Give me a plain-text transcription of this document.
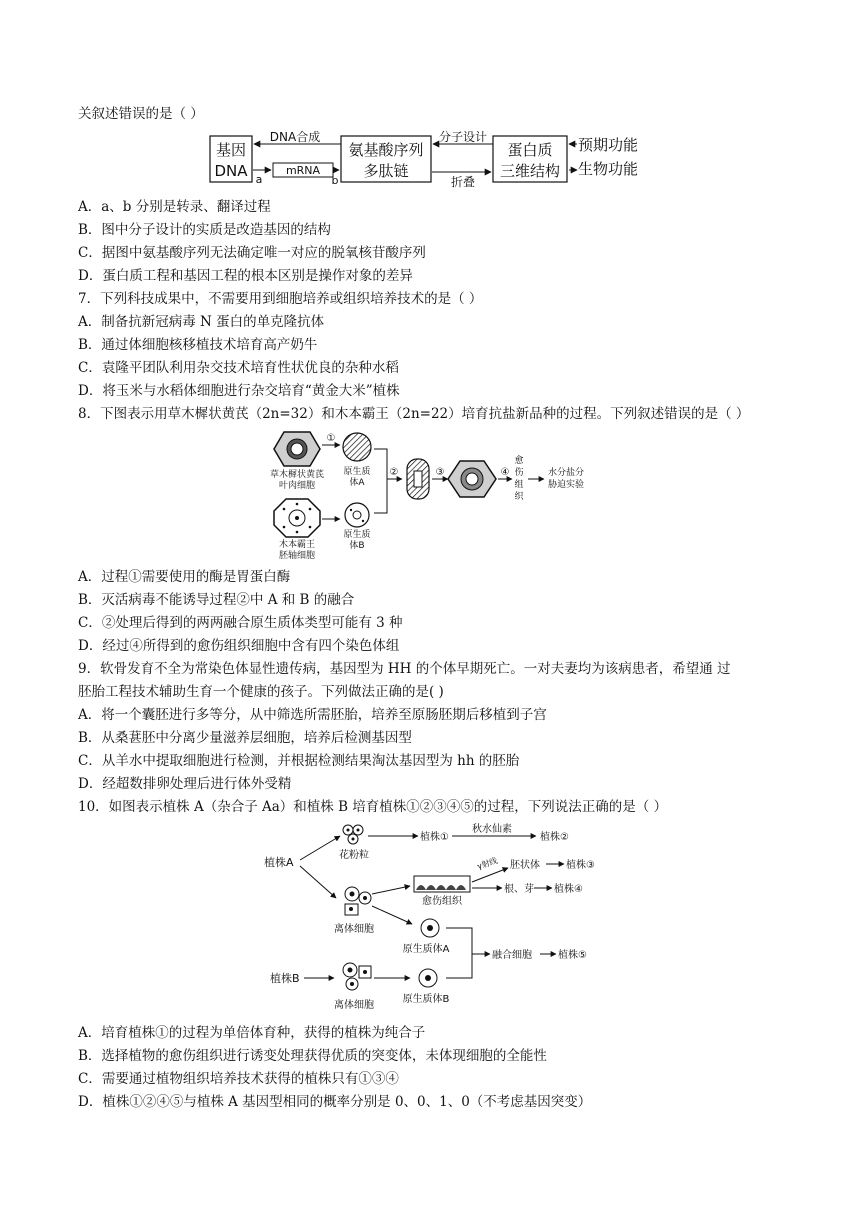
关叙述错误的是（ ）
基因
DNA	mRNA
氨基酸序列
多肽链
蛋白质
三维结构
预期功能
生物功能
DNA合成
a	b
分子设计
折叠
A．a、b 分别是转录、翻译过程
B．图中分子设计的实质是改造基因的结构
C．据图中氨基酸序列无法确定唯一对应的脱氧核苷酸序列
D．蛋白质工程和基因工程的根本区别是操作对象的差异
7．下列科技成果中，不需要用到细胞培养或组织培养技术的是（ ）
A．制备抗新冠病毒 N 蛋白的单克隆抗体
B．通过体细胞核移植技术培育高产奶牛
C．袁隆平团队利用杂交技术培育性状优良的杂种水稻
D．将玉米与水稻体细胞进行杂交培育“黄金大米”植株
8．下图表示用草木樨状黄芪（2n=32）和木本霸王（2n=22）培育抗盐新品种的过程。下列叙述错误的是（ ）
草木樨状黄芪
叶肉细胞
木本霸王
胚轴细胞
①
原生质
体A
原生质
体B
②	③	④
愈
伤
组
织
水分盐分
胁迫实验
A．过程①需要使用的酶是胃蛋白酶
B．灭活病毒不能诱导过程②中 A 和 B 的融合
C．②处理后得到的两两融合原生质体类型可能有 3 种
D．经过④所得到的愈伤组织细胞中含有四个染色体组
9．软骨发育不全为常染色体显性遗传病，基因型为 HH 的个体早期死亡。一对夫妻均为该病患者，希望通 过
胚胎工程技术辅助生育一个健康的孩子。下列做法正确的是( )
A．将一个囊胚进行多等分，从中筛选所需胚胎，培养至原肠胚期后移植到子宫
B．从桑葚胚中分离少量滋养层细胞，培养后检测基因型
C．从羊水中提取细胞进行检测，并根据检测结果淘汰基因型为 hh 的胚胎
D．经超数排卵处理后进行体外受精
10．如图表示植株 A（杂合子 Aa）和植株 B 培育植株①②③④⑤的过程，下列说法正确的是（ ）
植株A
花粉粒
植株①
秋水仙素
植株②
离体细胞
愈伤组织
γ射线 胚状体	植株③
根、芽 植株④
原生质体A
融合细胞	植株⑤
植株B
离体细胞
原生质体B
A．培育植株①的过程为单倍体育种，获得的植株为纯合子
B．选择植物的愈伤组织进行诱变处理获得优质的突变体，未体现细胞的全能性
C．需要通过植物组织培养技术获得的植株只有①③④
D．植株①②④⑤与植株 A 基因型相同的概率分别是 0、0、1、0（不考虑基因突变）
